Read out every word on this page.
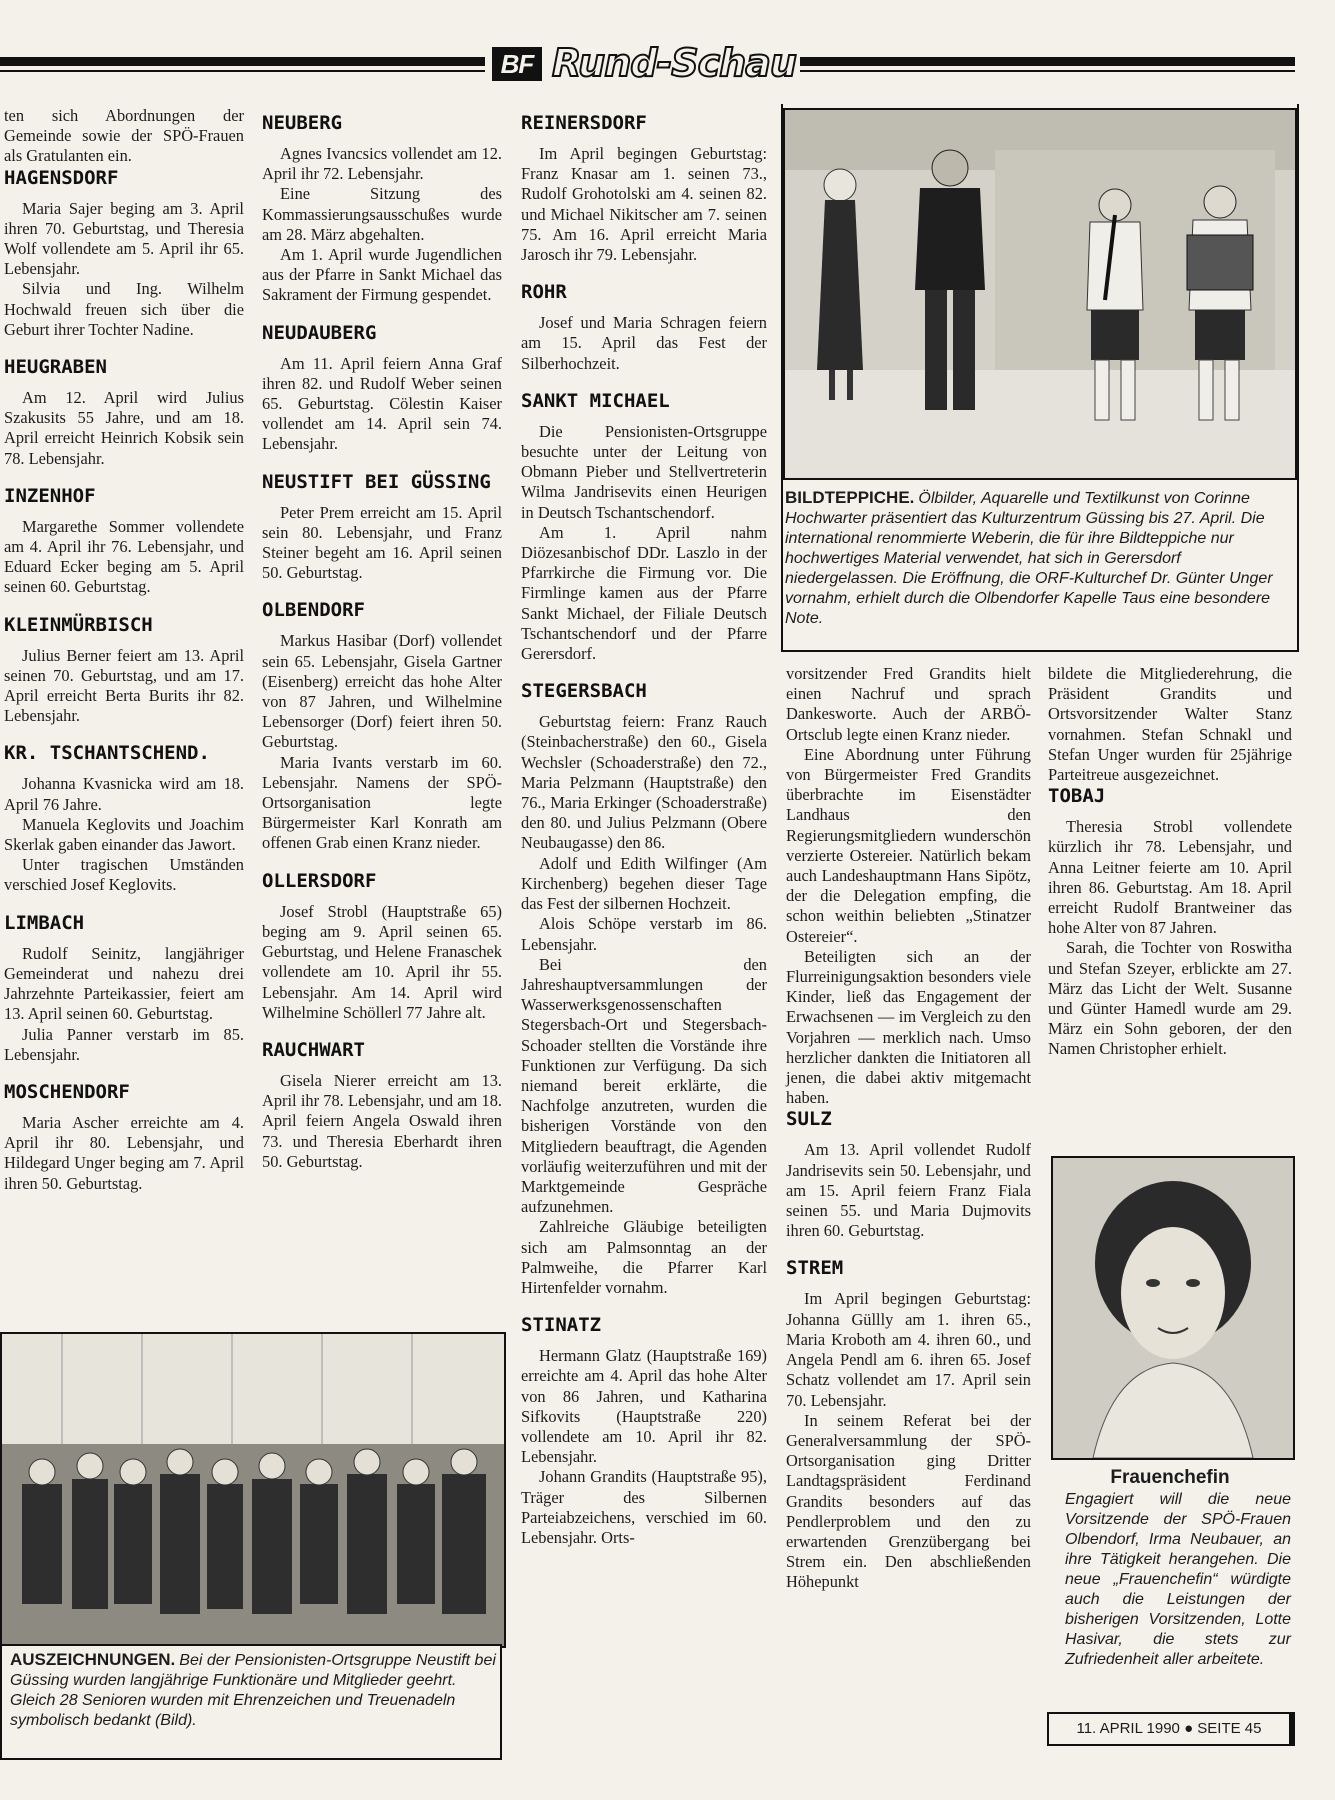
BF Rund-Schau

ten sich Abordnungen der Gemeinde sowie der SPÖ-Frauen als Gratulanten ein.

HAGENSDORF

Maria Sajer beging am 3. April ihren 70. Geburtstag, und Theresia Wolf vollendete am 5. April ihr 65. Lebensjahr.

Silvia und Ing. Wilhelm Hochwald freuen sich über die Geburt ihrer Tochter Nadine.

HEUGRABEN

Am 12. April wird Julius Szakusits 55 Jahre, und am 18. April erreicht Heinrich Kobsik sein 78. Lebensjahr.

INZENHOF

Margarethe Sommer vollendete am 4. April ihr 76. Lebensjahr, und Eduard Ecker beging am 5. April seinen 60. Geburtstag.

KLEINMÜRBISCH

Julius Berner feiert am 13. April seinen 70. Geburtstag, und am 17. April erreicht Berta Burits ihr 82. Lebensjahr.

KR. TSCHANTSCHEND.

Johanna Kvasnicka wird am 18. April 76 Jahre.

Manuela Keglovits und Joachim Skerlak gaben einander das Jawort.

Unter tragischen Umständen verschied Josef Keglovits.

LIMBACH

Rudolf Seinitz, langjähriger Gemeinderat und nahezu drei Jahrzehnte Parteikassier, feiert am 13. April seinen 60. Geburtstag.

Julia Panner verstarb im 85. Lebensjahr.

MOSCHENDORF

Maria Ascher erreichte am 4. April ihr 80. Lebensjahr, und Hildegard Unger beging am 7. April ihren 50. Geburtstag.

NEUBERG

Agnes Ivancsics vollendet am 12. April ihr 72. Lebensjahr.

Eine Sitzung des Kommassierungsausschußes wurde am 28. März abgehalten.

Am 1. April wurde Jugendlichen aus der Pfarre in Sankt Michael das Sakrament der Firmung gespendet.

NEUDAUBERG

Am 11. April feiern Anna Graf ihren 82. und Rudolf Weber seinen 65. Geburtstag. Cölestin Kaiser vollendet am 14. April sein 74. Lebensjahr.

NEUSTIFT BEI GÜSSING

Peter Prem erreicht am 15. April sein 80. Lebensjahr, und Franz Steiner begeht am 16. April seinen 50. Geburtstag.

OLBENDORF

Markus Hasibar (Dorf) vollendet sein 65. Lebensjahr, Gisela Gartner (Eisenberg) erreicht das hohe Alter von 87 Jahren, und Wilhelmine Lebensorger (Dorf) feiert ihren 50. Geburtstag.

Maria Ivants verstarb im 60. Lebensjahr. Namens der SPÖ-Ortsorganisation legte Bürgermeister Karl Konrath am offenen Grab einen Kranz nieder.

OLLERSDORF

Josef Strobl (Hauptstraße 65) beging am 9. April seinen 65. Geburtstag, und Helene Franaschek vollendete am 10. April ihr 55. Lebensjahr. Am 14. April wird Wilhelmine Schöllerl 77 Jahre alt.

RAUCHWART

Gisela Nierer erreicht am 13. April ihr 78. Lebensjahr, und am 18. April feiern Angela Oswald ihren 73. und Theresia Eberhardt ihren 50. Geburtstag.

REINERSDORF

Im April begingen Geburtstag: Franz Knasar am 1. seinen 73., Rudolf Grohotolski am 4. seinen 82. und Michael Nikitscher am 7. seinen 75. Am 16. April erreicht Maria Jarosch ihr 79. Lebensjahr.

ROHR

Josef und Maria Schragen feiern am 15. April das Fest der Silberhochzeit.

SANKT MICHAEL

Die Pensionisten-Ortsgruppe besuchte unter der Leitung von Obmann Pieber und Stellvertreterin Wilma Jandrisevits einen Heurigen in Deutsch Tschantschendorf.

Am 1. April nahm Diözesanbischof DDr. Laszlo in der Pfarrkirche die Firmung vor. Die Firmlinge kamen aus der Pfarre Sankt Michael, der Filiale Deutsch Tschantschendorf und der Pfarre Gerersdorf.

STEGERSBACH

Geburtstag feiern: Franz Rauch (Steinbacherstraße) den 60., Gisela Wechsler (Schoaderstraße) den 72., Maria Pelzmann (Hauptstraße) den 76., Maria Erkinger (Schoaderstraße) den 80. und Julius Pelzmann (Obere Neubaugasse) den 86.

Adolf und Edith Wilfinger (Am Kirchenberg) begehen dieser Tage das Fest der silbernen Hochzeit.

Alois Schöpe verstarb im 86. Lebensjahr.

Bei den Jahreshauptversammlungen der Wasserwerksgenossenschaften Stegersbach-Ort und Stegersbach-Schoader stellten die Vorstände ihre Funktionen zur Verfügung. Da sich niemand bereit erklärte, die Nachfolge anzutreten, wurden die bisherigen Vorstände von den Mitgliedern beauftragt, die Agenden vorläufig weiterzuführen und mit der Marktgemeinde Gespräche aufzunehmen.

Zahlreiche Gläubige beteiligten sich am Palmsonntag an der Palmweihe, die Pfarrer Karl Hirtenfelder vornahm.

STINATZ

Hermann Glatz (Hauptstraße 169) erreichte am 4. April das hohe Alter von 86 Jahren, und Katharina Sifkovits (Hauptstraße 220) vollendete am 10. April ihr 82. Lebensjahr.

Johann Grandits (Hauptstraße 95), Träger des Silbernen Parteiabzeichens, verschied im 60. Lebensjahr. Orts-

BILDTEPPICHE. Ölbilder, Aquarelle und Textilkunst von Corinne Hochwarter präsentiert das Kulturzentrum Güssing bis 27. April. Die international renommierte Weberin, die für ihre Bildteppiche nur hochwertiges Material verwendet, hat sich in Gerersdorf niedergelassen. Die Eröffnung, die ORF-Kulturchef Dr. Günter Unger vornahm, erhielt durch die Olbendorfer Kapelle Taus eine besondere Note.

vorsitzender Fred Grandits hielt einen Nachruf und sprach Dankesworte. Auch der ARBÖ-Ortsclub legte einen Kranz nieder.

Eine Abordnung unter Führung von Bürgermeister Fred Grandits überbrachte im Eisenstädter Landhaus den Regierungsmitgliedern wunderschön verzierte Ostereier. Natürlich bekam auch Landeshauptmann Hans Sipötz, der die Delegation empfing, die schon weithin beliebten „Stinatzer Ostereier“.

Beteiligten sich an der Flurreinigungsaktion besonders viele Kinder, ließ das Engagement der Erwachsenen — im Vergleich zu den Vorjahren — merklich nach. Umso herzlicher dankten die Initiatoren all jenen, die dabei aktiv mitgemacht haben.

SULZ

Am 13. April vollendet Rudolf Jandrisevits sein 50. Lebensjahr, und am 15. April feiern Franz Fiala seinen 55. und Maria Dujmovits ihren 60. Geburtstag.

STREM

Im April begingen Geburtstag: Johanna Güllly am 1. ihren 65., Maria Kroboth am 4. ihren 60., und Angela Pendl am 6. ihren 65. Josef Schatz vollendet am 17. April sein 70. Lebensjahr.

In seinem Referat bei der Generalversammlung der SPÖ-Ortsorganisation ging Dritter Landtagspräsident Ferdinand Grandits besonders auf das Pendlerproblem und den zu erwartenden Grenzübergang bei Strem ein. Den abschließenden Höhepunkt

bildete die Mitgliederehrung, die Präsident Grandits und Ortsvorsitzender Walter Stanz vornahmen. Stefan Schnakl und Stefan Unger wurden für 25jährige Parteitreue ausgezeichnet.

TOBAJ

Theresia Strobl vollendete kürzlich ihr 78. Lebensjahr, und Anna Leitner feierte am 10. April ihren 86. Geburtstag. Am 18. April erreicht Rudolf Brantweiner das hohe Alter von 87 Jahren.

Sarah, die Tochter von Roswitha und Stefan Szeyer, erblickte am 27. März das Licht der Welt. Susanne und Günter Hamedl wurde am 29. März ein Sohn geboren, der den Namen Christopher erhielt.

Frauenchefin
Engagiert will die neue Vorsitzende der SPÖ-Frauen Olbendorf, Irma Neubauer, an ihre Tätigkeit herangehen. Die neue „Frauenchefin“ würdigte auch die Leistungen der bisherigen Vorsitzenden, Lotte Hasivar, die stets zur Zufriedenheit aller arbeitete.
AUSZEICHNUNGEN. Bei der Pensionisten-Ortsgruppe Neustift bei Güssing wurden langjährige Funktionäre und Mitglieder geehrt. Gleich 28 Senioren wurden mit Ehrenzeichen und Treuenadeln symbolisch bedankt (Bild).	11. APRIL 1990 ● SEITE 45
